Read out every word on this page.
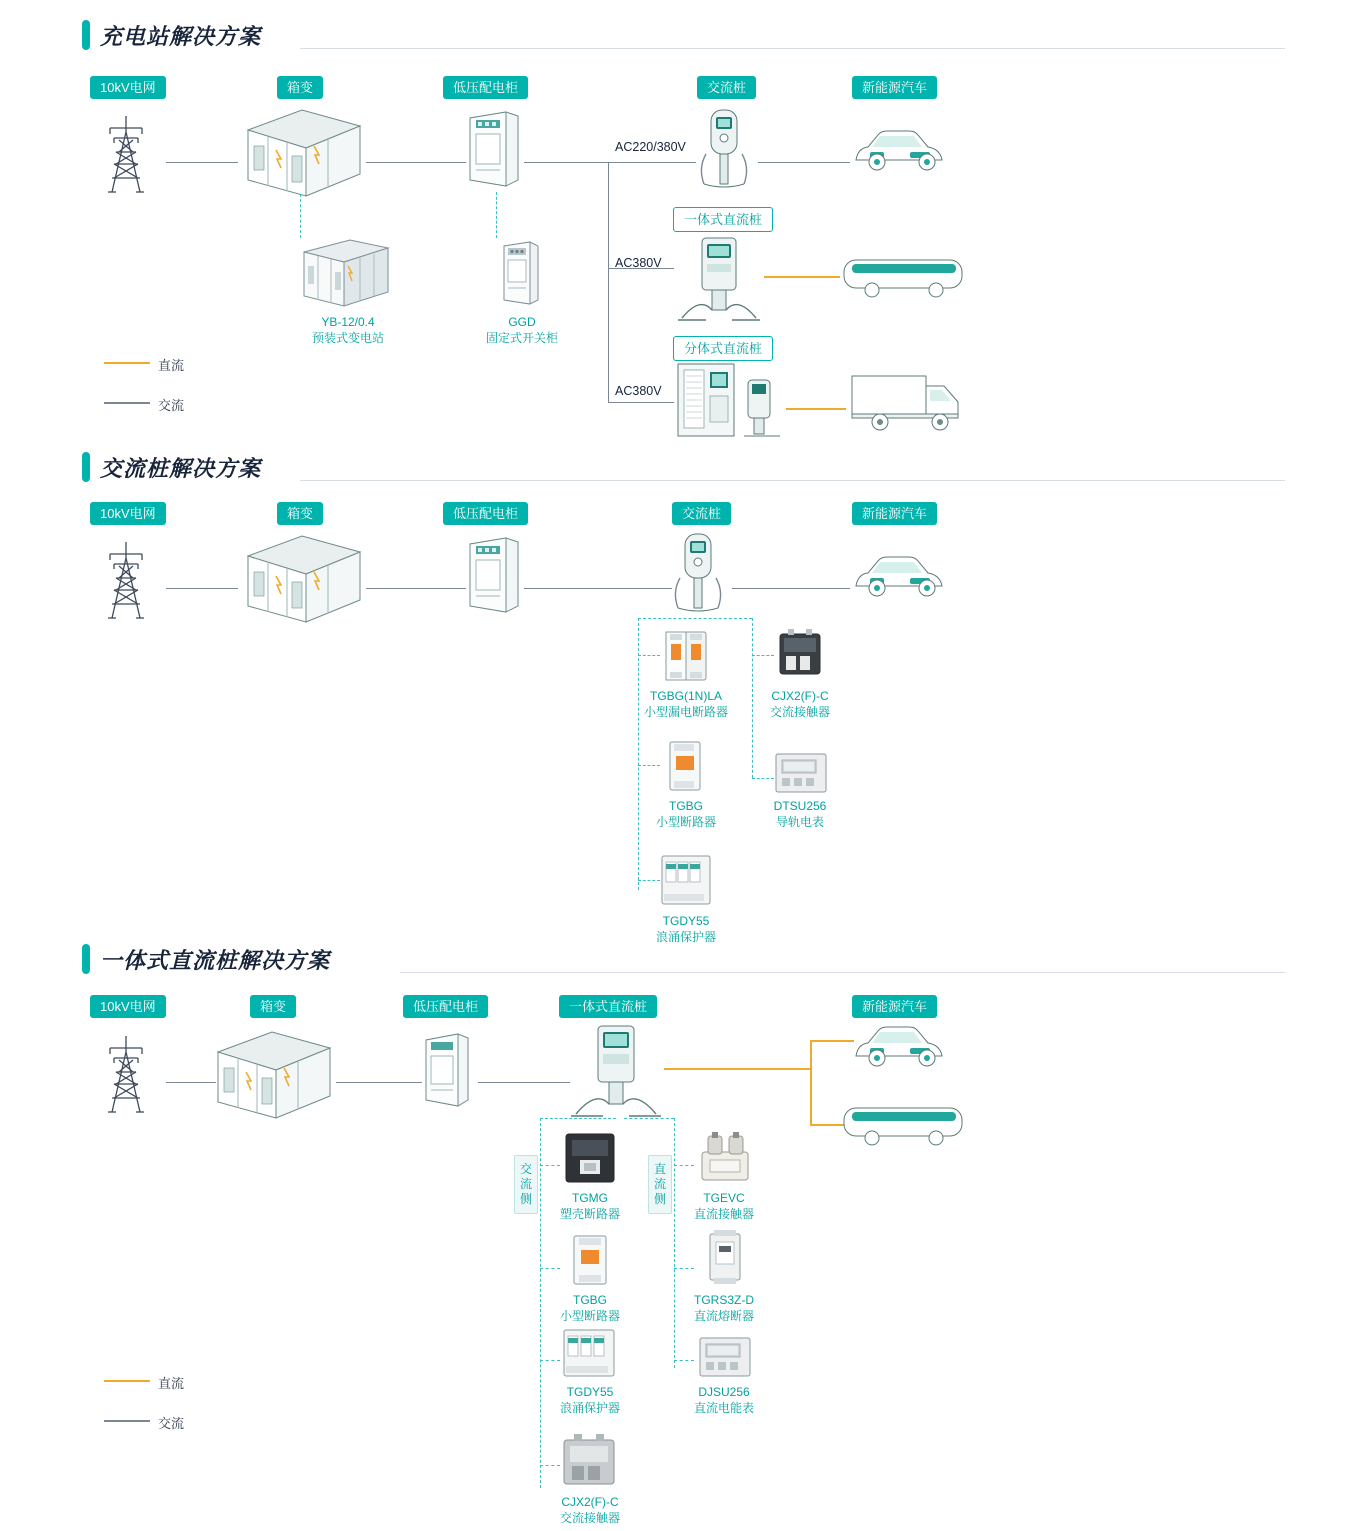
充电站解决方案
10kV电网	箱变	低压配电柜	交流桩	新能源汽车
一体式直流桩
分体式直流桩
AC220/380V
AC380V
AC380V
YB-12/0.4
预装式变电站
GGD
固定式开关柜
直流
交流
交流桩解决方案
10kV电网	箱变	低压配电柜	交流桩	新能源汽车
TGBG(1N)LA
小型漏电断路器
CJX2(F)-C
交流接触器
TGBG
小型断路器
DTSU256
导轨电表
TGDY55
浪涌保护器
一体式直流桩解决方案
10kV电网	箱变	低压配电柜	一体式直流桩	新能源汽车
交流侧
直流侧
TGMG
塑壳断路器
TGBG
小型断路器
TGDY55
浪涌保护器
CJX2(F)-C
交流接触器
TGEVC
直流接触器
TGRS3Z-D
直流熔断器
DJSU256
直流电能表
直流
交流
